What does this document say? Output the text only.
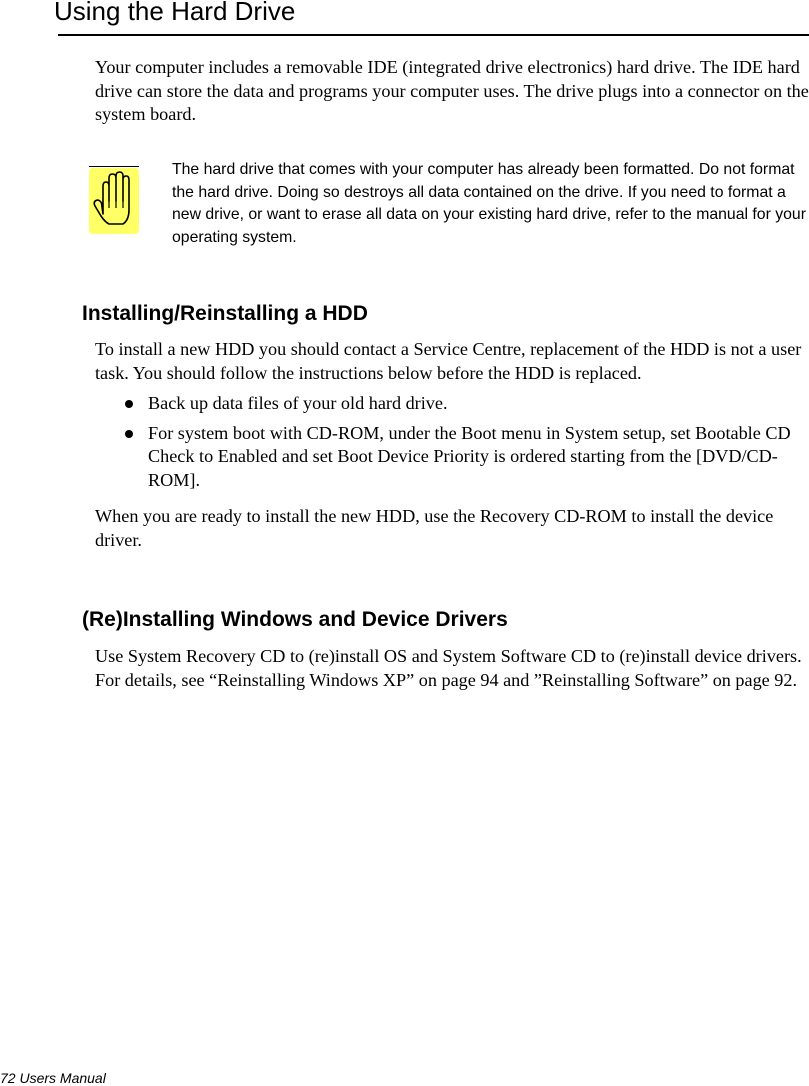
Using the Hard Drive

Your computer includes a removable IDE (integrated drive electronics) hard drive. The IDE hard drive can store the data and programs your computer uses. The drive plugs into a connector on the system board.

The hard drive that comes with your computer has already been formatted. Do not format the hard drive. Doing so destroys all data contained on the drive. If you need to format a new drive, or want to erase all data on your existing hard drive, refer to the manual for your operating system.

Installing/Reinstalling a HDD

To install a new HDD you should contact a Service Centre, replacement of the HDD is not a user task. You should follow the instructions below before the HDD is replaced.

Back up data files of your old hard drive.
For system boot with CD-ROM, under the Boot menu in System setup, set Bootable CD Check to Enabled and set Boot Device Priority is ordered starting from the [DVD/CD-ROM].

When you are ready to install the new HDD, use the Recovery CD-ROM to install the device driver.

(Re)Installing Windows and Device Drivers

Use System Recovery CD to (re)install OS and System Software CD to (re)install device drivers. For details, see “Reinstalling Windows XP” on page 94 and ”Reinstalling Software” on page 92.

72 Users Manual
